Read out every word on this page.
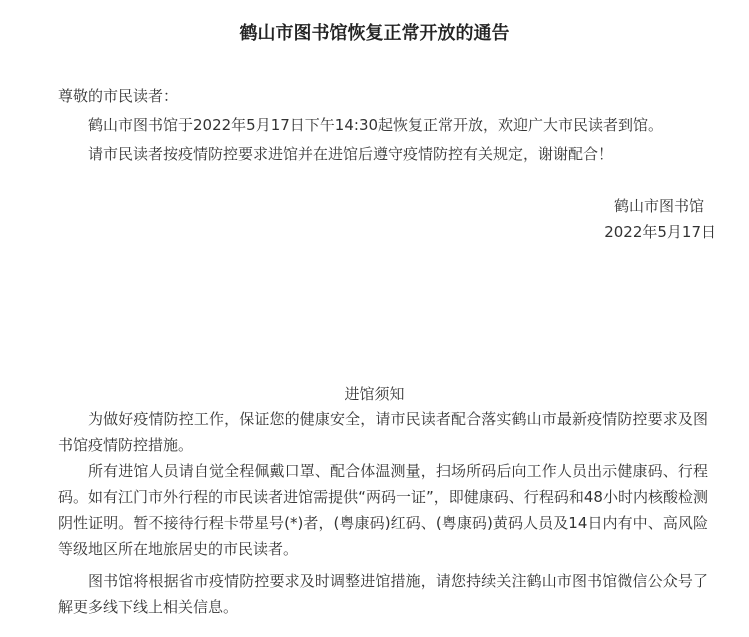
鹤山市图书馆恢复正常开放的通告
尊敬的市民读者：
鹤山市图书馆于2022年5月17日下午14:30起恢复正常开放，欢迎广大市民读者到馆。
请市民读者按疫情防控要求进馆并在进馆后遵守疫情防控有关规定，谢谢配合！
鹤山市图书馆
2022年5月17日
进馆须知
为做好疫情防控工作，保证您的健康安全，请市民读者配合落实鹤山市最新疫情防控要求及图书馆疫情防控措施。
所有进馆人员请自觉全程佩戴口罩、配合体温测量，扫场所码后向工作人员出示健康码、行程码。如有江门市外行程的市民读者进馆需提供“两码一证”，即健康码、行程码和48小时内核酸检测阴性证明。暂不接待行程卡带星号(*)者，(粤康码)红码、(粤康码)黄码人员及14日内有中、高风险等级地区所在地旅居史的市民读者。
图书馆将根据省市疫情防控要求及时调整进馆措施，请您持续关注鹤山市图书馆微信公众号了解更多线下线上相关信息。
